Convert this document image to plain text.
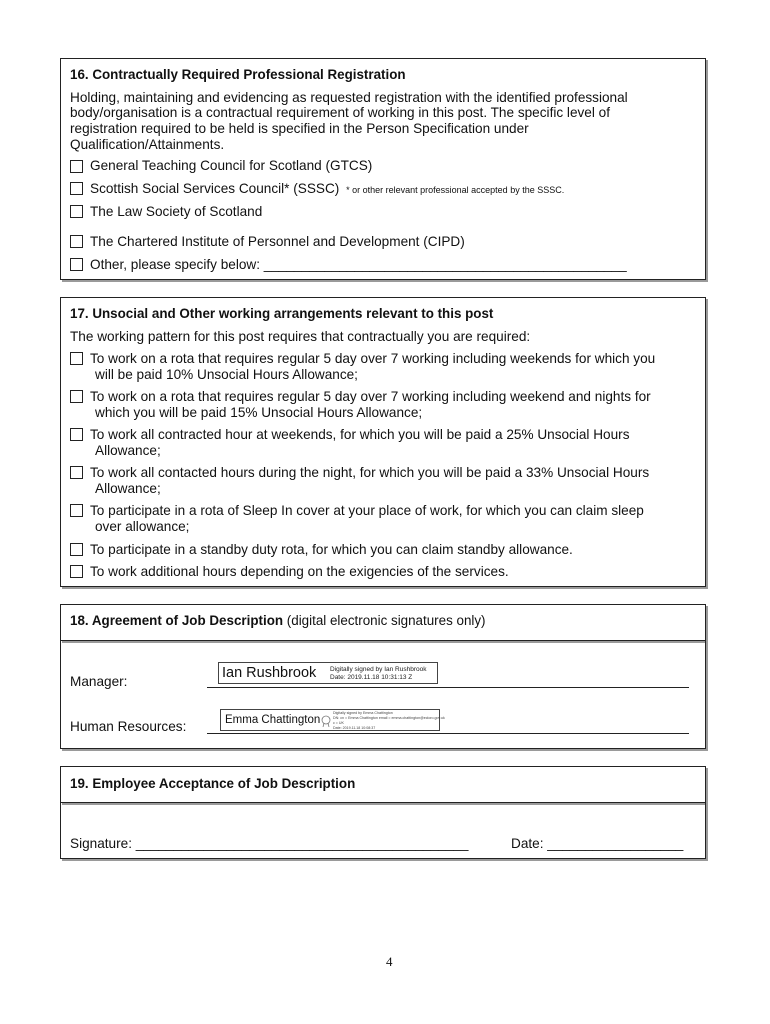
16. Contractually Required Professional Registration
Holding, maintaining and evidencing as requested registration with the identified professional
body/organisation is a contractual requirement of working in this post. The specific level of
registration required to be held is specified in the Person Specification under
Qualification/Attainments.
General Teaching Council for Scotland (GTCS)
Scottish Social Services Council* (SSSC) * or other relevant professional accepted by the SSSC.
The Law Society of Scotland
The Chartered Institute of Personnel and Development (CIPD)
Other, please specify below: ________________________________________________
17. Unsocial and Other working arrangements relevant to this post
The working pattern for this post requires that contractually you are required:
To work on a rota that requires regular 5 day over 7 working including weekends for which you
will be paid 10% Unsocial Hours Allowance;
To work on a rota that requires regular 5 day over 7 working including weekend and nights for
which you will be paid 15% Unsocial Hours Allowance;
To work all contracted hour at weekends, for which you will be paid a 25% Unsocial Hours
Allowance;
To work all contacted hours during the night, for which you will be paid a 33% Unsocial Hours
Allowance;
To participate in a rota of Sleep In cover at your place of work, for which you can claim sleep
over allowance;
To participate in a standby duty rota, for which you can claim standby allowance.
To work additional hours depending on the exigencies of the services.
18. Agreement of Job Description (digital electronic signatures only)
Manager:
Ian Rushbrook Digitally signed by Ian Rushbrook
Date: 2019.11.18 10:31:13 Z
Human Resources:	Emma Chattington
Digitally signed by Emma Chattington
DN: cn = Emma Chattington email = emma.chattington@ecloro.gov.uk
c = UK
Date: 2019.11.18 10:08:37
19. Employee Acceptance of Job Description
Signature: ____________________________________________	Date: __________________
4
